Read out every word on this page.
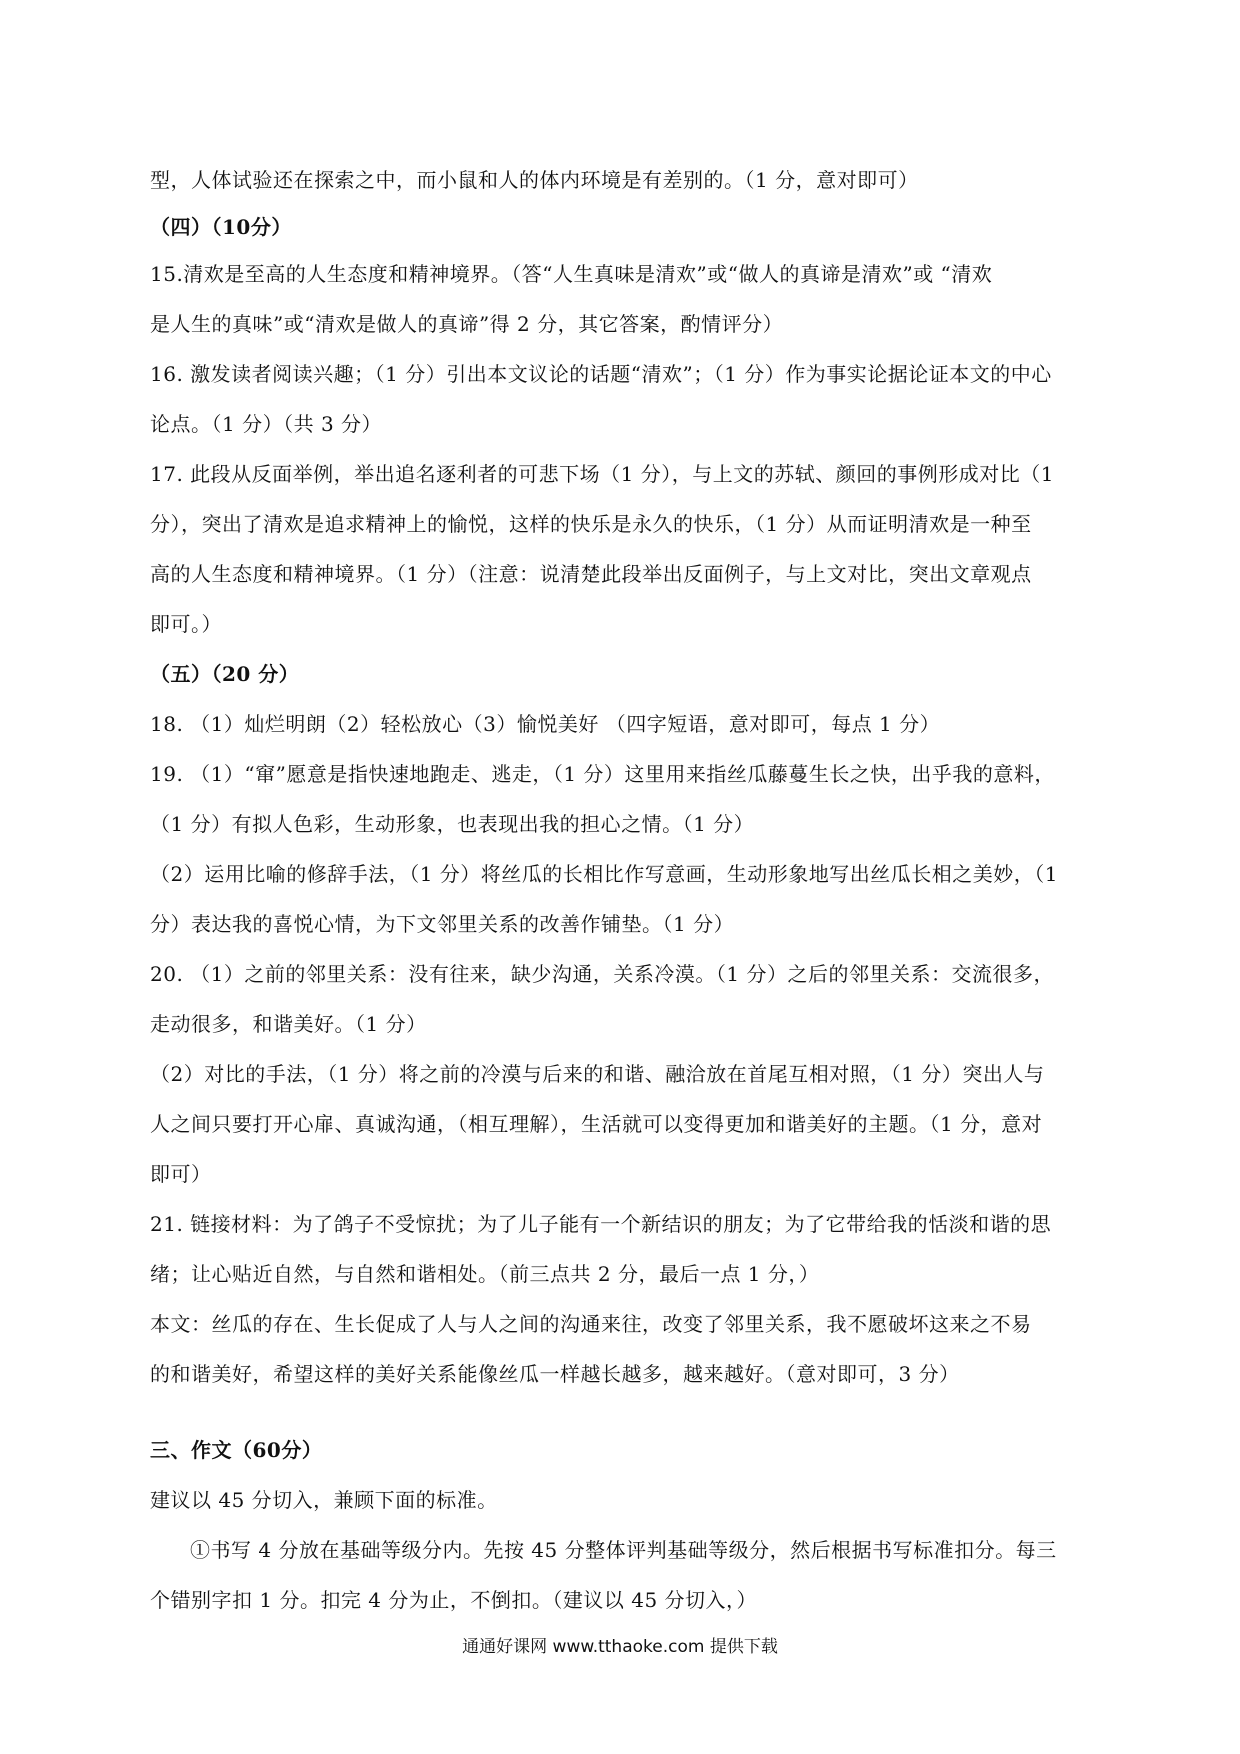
型，人体试验还在探索之中，而小鼠和人的体内环境是有差别的。（1 分，意对即可）
（四）（10分）
15.清欢是至高的人生态度和精神境界。（答“人生真味是清欢”或“做人的真谛是清欢”或 “清欢
是人生的真味”或“清欢是做人的真谛”得 2 分，其它答案，酌情评分）
16. 激发读者阅读兴趣；（1 分）引出本文议论的话题“清欢”；（1 分）作为事实论据论证本文的中心
论点。（1 分）（共 3 分）
17. 此段从反面举例，举出追名逐利者的可悲下场（1 分），与上文的苏轼、颜回的事例形成对比（1
分），突出了清欢是追求精神上的愉悦，这样的快乐是永久的快乐，（1 分）从而证明清欢是一种至
高的人生态度和精神境界。（1 分）（注意：说清楚此段举出反面例子，与上文对比，突出文章观点
即可。）
（五）（20 分）
18. （1）灿烂明朗（2）轻松放心（3）愉悦美好 （四字短语，意对即可，每点 1 分）
19. （1）“窜”愿意是指快速地跑走、逃走，（1 分）这里用来指丝瓜藤蔓生长之快，出乎我的意料，
（1 分）有拟人色彩，生动形象，也表现出我的担心之情。（1 分）
（2）运用比喻的修辞手法，（1 分）将丝瓜的长相比作写意画，生动形象地写出丝瓜长相之美妙，（1
分）表达我的喜悦心情，为下文邻里关系的改善作铺垫。（1 分）
20. （1）之前的邻里关系：没有往来，缺少沟通，关系冷漠。（1 分）之后的邻里关系：交流很多，
走动很多，和谐美好。（1 分）
（2）对比的手法，（1 分）将之前的冷漠与后来的和谐、融洽放在首尾互相对照，（1 分）突出人与
人之间只要打开心扉、真诚沟通，（相互理解），生活就可以变得更加和谐美好的主题。（1 分，意对
即可）
21. 链接材料：为了鸽子不受惊扰；为了儿子能有一个新结识的朋友；为了它带给我的恬淡和谐的思
绪；让心贴近自然，与自然和谐相处。（前三点共 2 分，最后一点 1 分，）
本文：丝瓜的存在、生长促成了人与人之间的沟通来往，改变了邻里关系，我不愿破坏这来之不易
的和谐美好，希望这样的美好关系能像丝瓜一样越长越多，越来越好。（意对即可，3 分）
三、作文（60分）
建议以 45 分切入，兼顾下面的标准。
①书写 4 分放在基础等级分内。先按 45 分整体评判基础等级分，然后根据书写标准扣分。每三
个错别字扣 1 分。扣完 4 分为止，不倒扣。（建议以 45 分切入，）
通通好课网 www.tthaoke.com 提供下载
